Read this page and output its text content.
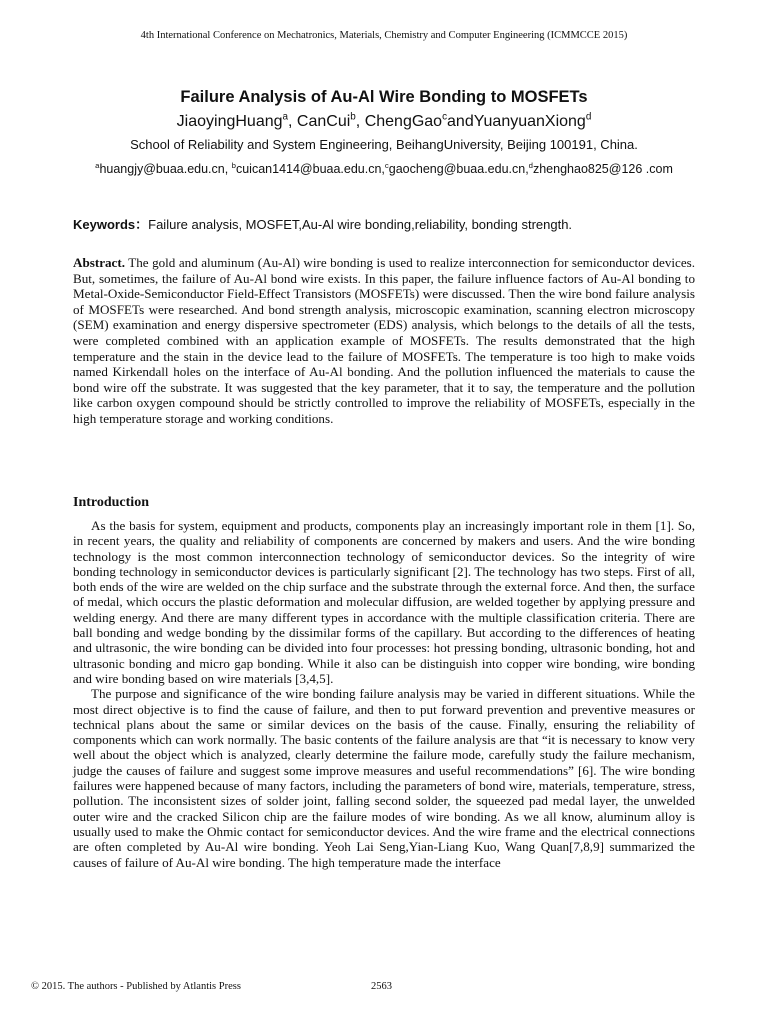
4th International Conference on Mechatronics, Materials, Chemistry and Computer Engineering (ICMMCCE 2015)
Failure Analysis of Au-Al Wire Bonding to MOSFETs
JiaoyingHuang$^a$, CanCui$^b$, ChengGao$^c$andYuanyuanXiong$^d$
School of Reliability and System Engineering, BeihangUniversity, Beijing 100191, China.
$^a$huangjy@buaa.edu.cn, $^b$cuican1414@buaa.edu.cn,$^c$gaocheng@buaa.edu.cn,$^d$zhenghao825@126 .com
Keywords：Failure analysis, MOSFET,Au-Al wire bonding,reliability, bonding strength.

Abstract. The gold and aluminum (Au-Al) wire bonding is used to realize interconnection for semiconductor devices. But, sometimes, the failure of Au-Al bond wire exists. In this paper, the failure influence factors of Au-Al bonding to Metal-Oxide-Semiconductor Field-Effect Transistors (MOSFETs) were discussed. Then the wire bond failure analysis of MOSFETs were researched. And bond strength analysis, microscopic examination, scanning electron microscopy (SEM) examination and energy dispersive spectrometer (EDS) analysis, which belongs to the details of all the tests, were completed combined with an application example of MOSFETs. The results demonstrated that the high temperature and the stain in the device lead to the failure of MOSFETs. The temperature is too high to make voids named Kirkendall holes on the interface of Au-Al bonding. And the pollution influenced the materials to cause the bond wire off the substrate. It was suggested that the key parameter, that it to say, the temperature and the pollution like carbon oxygen compound should be strictly controlled to improve the reliability of MOSFETs, especially in the high temperature storage and working conditions.

Introduction

As the basis for system, equipment and products, components play an increasingly important role in them [1]. So, in recent years, the quality and reliability of components are concerned by makers and users. And the wire bonding technology is the most common interconnection technology of semiconductor devices. So the integrity of wire bonding technology in semiconductor devices is particularly significant [2]. The technology has two steps. First of all, both ends of the wire are welded on the chip surface and the substrate through the external force. And then, the surface of medal, which occurs the plastic deformation and molecular diffusion, are welded together by applying pressure and welding energy. And there are many different types in accordance with the multiple classification criteria. There are ball bonding and wedge bonding by the dissimilar forms of the capillary. But according to the differences of heating and ultrasonic, the wire bonding can be divided into four processes: hot pressing bonding, ultrasonic bonding, hot and ultrasonic bonding and micro gap bonding. While it also can be distinguish into copper wire bonding, wire bonding and wire bonding based on wire materials [3,4,5].

The purpose and significance of the wire bonding failure analysis may be varied in different situations. While the most direct objective is to find the cause of failure, and then to put forward prevention and preventive measures or technical plans about the same or similar devices on the basis of the cause. Finally, ensuring the reliability of components which can work normally. The basic contents of the failure analysis are that “it is necessary to know very well about the object which is analyzed, clearly determine the failure mode, carefully study the failure mechanism, judge the causes of failure and suggest some improve measures and useful recommendations” [6]. The wire bonding failures were happened because of many factors, including the parameters of bond wire, materials, temperature, stress, pollution. The inconsistent sizes of solder joint, falling second solder, the squeezed pad medal layer, the unwelded outer wire and the cracked Silicon chip are the failure modes of wire bonding. As we all know, aluminum alloy is usually used to make the Ohmic contact for semiconductor devices. And the wire frame and the electrical connections are often completed by Au-Al wire bonding. Yeoh Lai Seng,Yian-Liang Kuo, Wang Quan[7,8,9] summarized the causes of failure of Au-Al wire bonding. The high temperature made the interface

© 2015. The authors - Published by Atlantis Press	2563
